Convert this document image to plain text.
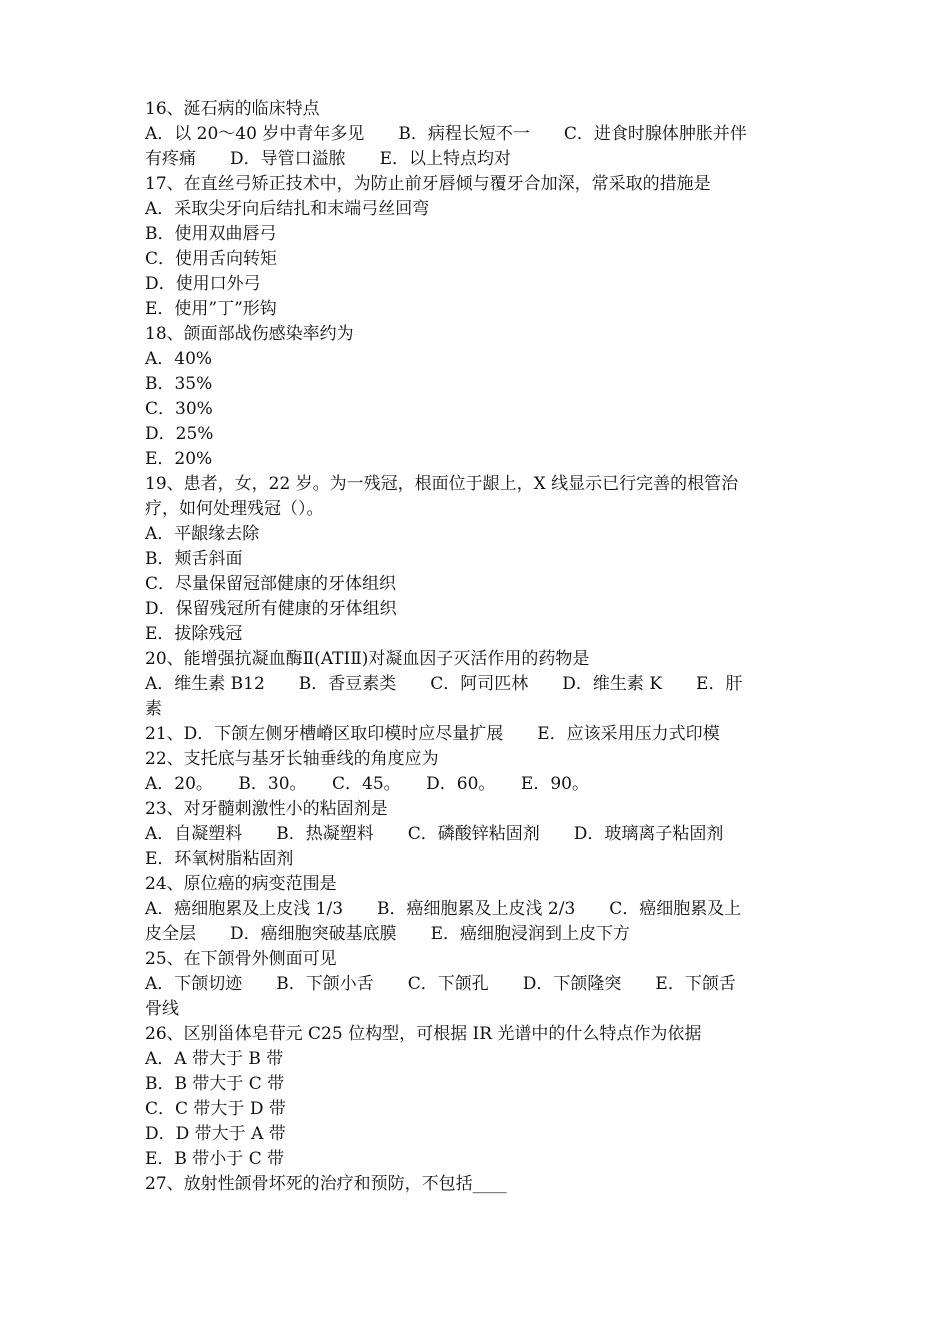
16、涎石病的临床特点
A．以 20～40 岁中青年多见　　B．病程长短不一　　C．进食时腺体肿胀并伴
有疼痛　　D．导管口溢脓　　E．以上特点均对
17、在直丝弓矫正技术中，为防止前牙唇倾与覆牙合加深，常采取的措施是
A．采取尖牙向后结扎和末端弓丝回弯
B．使用双曲唇弓
C．使用舌向转矩
D．使用口外弓
E．使用”丁”形钩
18、颌面部战伤感染率约为
A．40%
B．35%
C．30%
D．25%
E．20%
19、患者，女，22 岁。为一残冠，根面位于龈上，X 线显示已行完善的根管治
疗，如何处理残冠（）。
A．平龈缘去除
B．颊舌斜面
C．尽量保留冠部健康的牙体组织
D．保留残冠所有健康的牙体组织
E．拔除残冠
20、能增强抗凝血酶Ⅱ(ATIⅡ)对凝血因子灭活作用的药物是
A．维生素 B12　　B．香豆素类　　C．阿司匹林　　D．维生素 K　　E．肝
素
21、D．下颌左侧牙槽嵴区取印模时应尽量扩展　　E．应该采用压力式印模
22、支托底与基牙长轴垂线的角度应为
A．20。　　B．30。　　C．45。　　D．60。　　E．90。
23、对牙髓刺激性小的粘固剂是
A．自凝塑料　　B．热凝塑料　　C．磷酸锌粘固剂　　D．玻璃离子粘固剂
E．环氧树脂粘固剂
24、原位癌的病变范围是
A．癌细胞累及上皮浅 1/3　　B．癌细胞累及上皮浅 2/3　　C．癌细胞累及上
皮全层　　D．癌细胞突破基底膜　　E．癌细胞浸润到上皮下方
25、在下颌骨外侧面可见
A．下颌切迹　　B．下颌小舌　　C．下颌孔　　D．下颌隆突　　E．下颌舌
骨线
26、区别甾体皂苷元 C25 位构型，可根据 IR 光谱中的什么特点作为依据
A．A 带大于 B 带
B．B 带大于 C 带
C．C 带大于 D 带
D．D 带大于 A 带
E．B 带小于 C 带
27、放射性颌骨坏死的治疗和预防，不包括____
